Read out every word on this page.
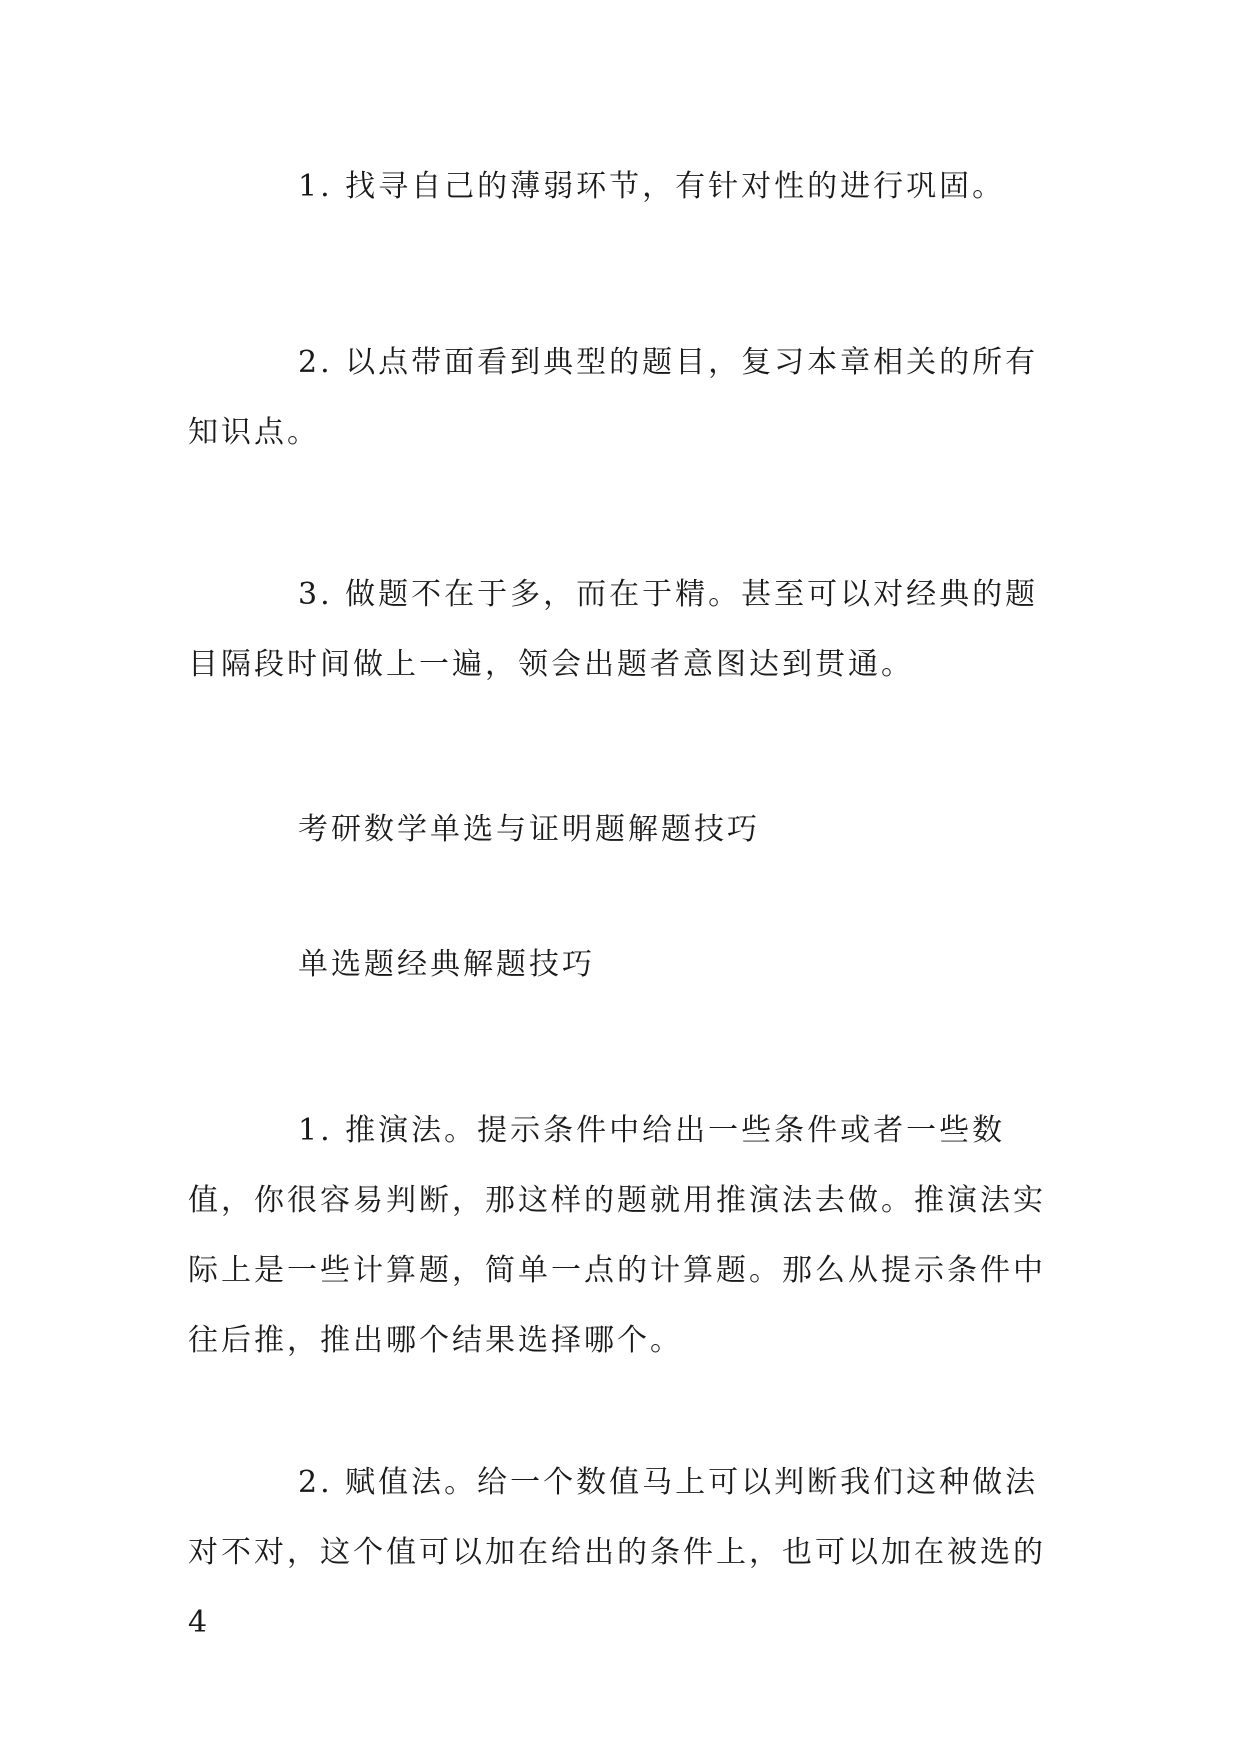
1. 找寻自己的薄弱环节，有针对性的进行巩固。

2. 以点带面看到典型的题目，复习本章相关的所有知识点。

3. 做题不在于多，而在于精。甚至可以对经典的题目隔段时间做上一遍，领会出题者意图达到贯通。

考研数学单选与证明题解题技巧

单选题经典解题技巧

1. 推演法。提示条件中给出一些条件或者一些数值，你很容易判断，那这样的题就用推演法去做。推演法实际上是一些计算题，简单一点的计算题。那么从提示条件中往后推，推出哪个结果选择哪个。

2. 赋值法。给一个数值马上可以判断我们这种做法对不对，这个值可以加在给出的条件上，也可以加在被选的 4
